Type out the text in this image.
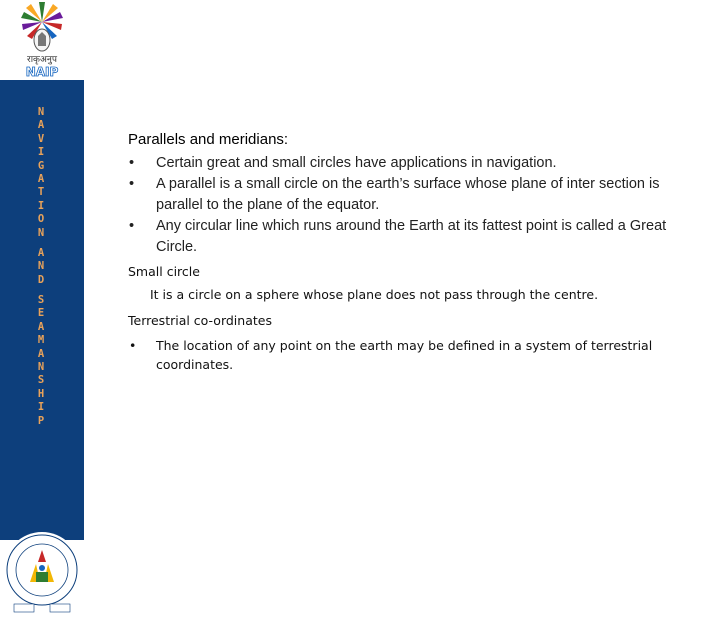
राकृअनुप
NAIP
N
A
V
I
G
A
T
I
O
N
A
N
D
S
E
A
M
A
N
S
H
I
P

Parallels and meridians:

• Certain great and small circles have applications in navigation.
• A parallel is a small circle on the earth’s surface whose plane of inter section is parallel to the plane of the equator.
• Any circular line which runs around the Earth at its fattest point is called a Great Circle.
Small circle
It is a circle on a sphere whose plane does not pass through the centre.
Terrestrial co-ordinates
• The location of any point on the earth may be defined in a system of terrestrial coordinates.
